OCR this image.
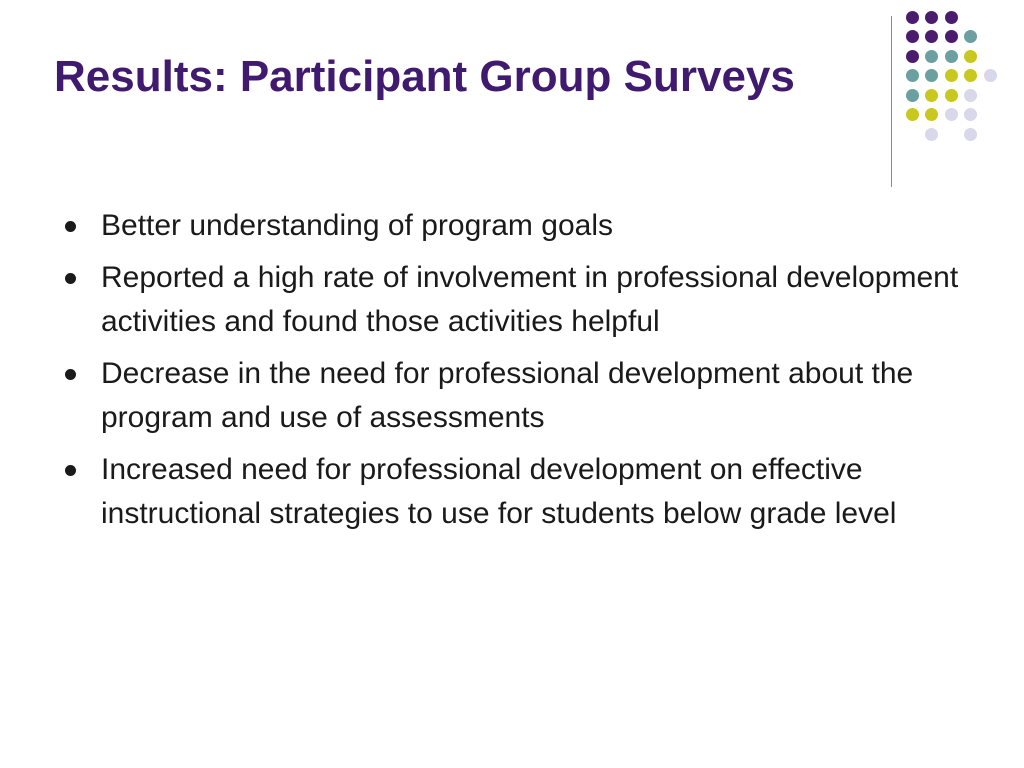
Results: Participant Group Surveys
Better understanding of program goals
Reported a high rate of involvement in professional development activities and found those activities helpful
Decrease in the need for professional development about the program and use of assessments
Increased need for professional development on effective instructional strategies to use for students below grade level
